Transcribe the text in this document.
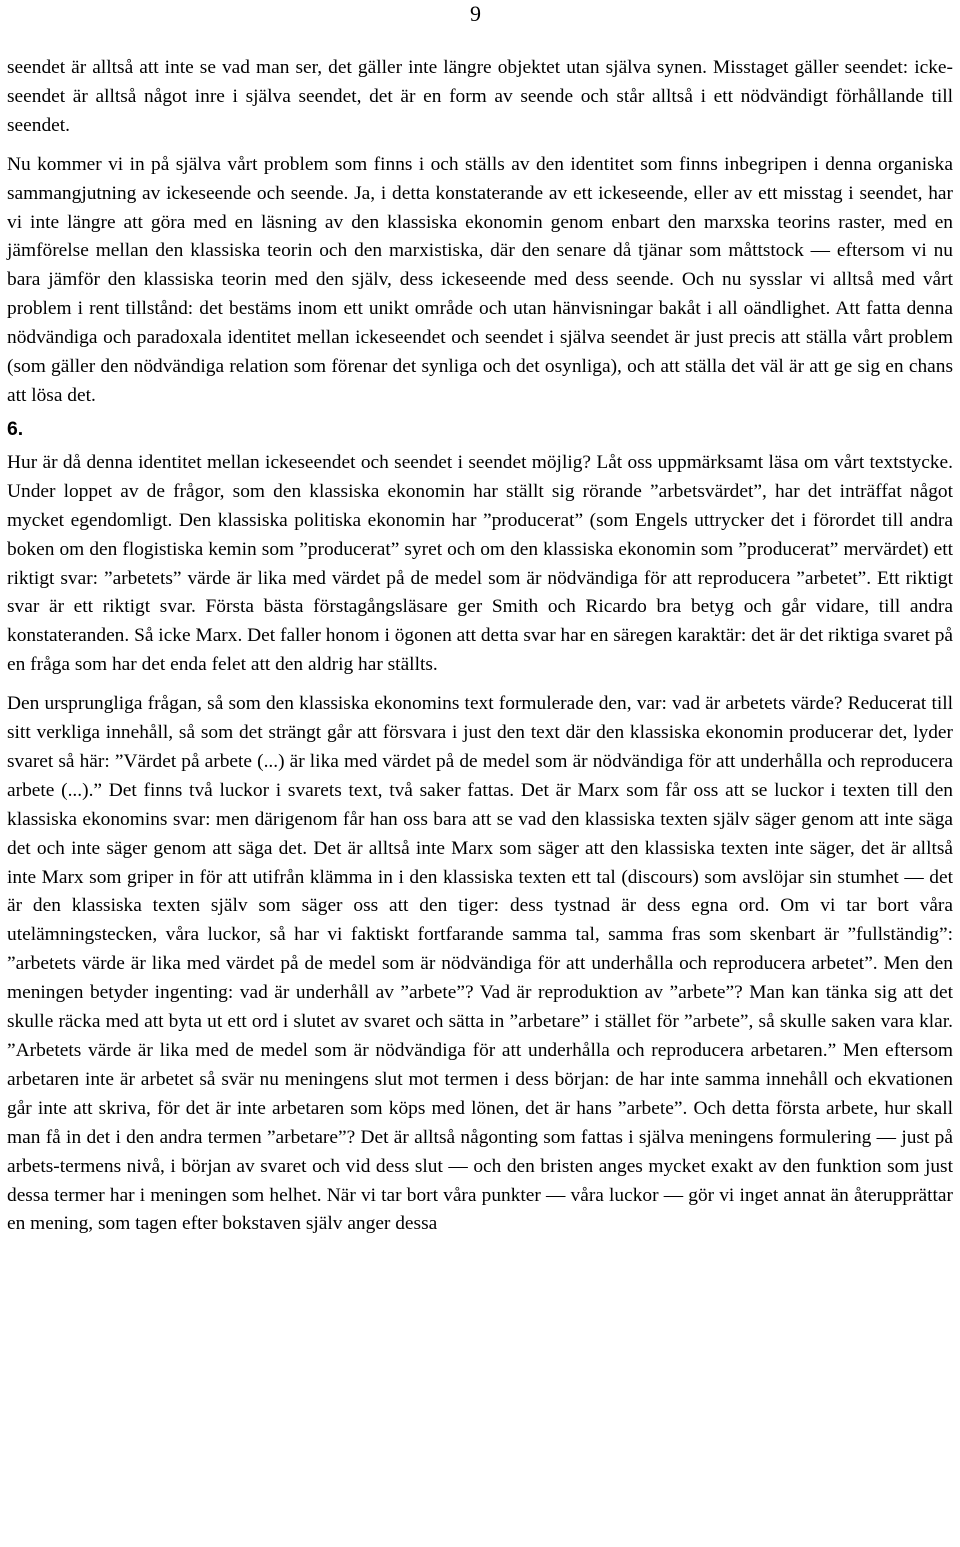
9

seendet är alltså att inte se vad man ser, det gäller inte längre objektet utan själva synen. Misstaget gäller seendet: icke-seendet är alltså något inre i själva seendet, det är en form av seende och står alltså i ett nödvändigt förhållande till seendet.

Nu kommer vi in på själva vårt problem som finns i och ställs av den identitet som finns inbegripen i denna organiska sammangjutning av ickeseende och seende. Ja, i detta konstaterande av ett ickeseende, eller av ett misstag i seendet, har vi inte längre att göra med en läsning av den klassiska ekonomin genom enbart den marxska teorins raster, med en jämförelse mellan den klassiska teorin och den marxistiska, där den senare då tjänar som måttstock — eftersom vi nu bara jämför den klassiska teorin med den själv, dess ickeseende med dess seende. Och nu sysslar vi alltså med vårt problem i rent tillstånd: det bestäms inom ett unikt område och utan hänvisningar bakåt i all oändlighet. Att fatta denna nödvändiga och paradoxala identitet mellan ickeseendet och seendet i själva seendet är just precis att ställa vårt problem (som gäller den nödvändiga relation som förenar det synliga och det osynliga), och att ställa det väl är att ge sig en chans att lösa det.

6.

Hur är då denna identitet mellan ickeseendet och seendet i seendet möjlig? Låt oss uppmärksamt läsa om vårt textstycke. Under loppet av de frågor, som den klassiska ekonomin har ställt sig rörande ”arbetsvärdet”, har det inträffat något mycket egendomligt. Den klassiska politiska ekonomin har ”producerat” (som Engels uttrycker det i förordet till andra boken om den flogistiska kemin som ”producerat” syret och om den klassiska ekonomin som ”producerat” mervärdet) ett riktigt svar: ”arbetets” värde är lika med värdet på de medel som är nödvändiga för att reproducera ”arbetet”. Ett riktigt svar är ett riktigt svar. Första bästa förstagångsläsare ger Smith och Ricardo bra betyg och går vidare, till andra konstateranden. Så icke Marx. Det faller honom i ögonen att detta svar har en säregen karaktär: det är det riktiga svaret på en fråga som har det enda felet att den aldrig har ställts.

Den ursprungliga frågan, så som den klassiska ekonomins text formulerade den, var: vad är arbetets värde? Reducerat till sitt verkliga innehåll, så som det strängt går att försvara i just den text där den klassiska ekonomin producerar det, lyder svaret så här: ”Värdet på arbete (...) är lika med värdet på de medel som är nödvändiga för att underhålla och reproducera arbete (...).” Det finns två luckor i svarets text, två saker fattas. Det är Marx som får oss att se luckor i texten till den klassiska ekonomins svar: men därigenom får han oss bara att se vad den klassiska texten själv säger genom att inte säga det och inte säger genom att säga det. Det är alltså inte Marx som säger att den klassiska texten inte säger, det är alltså inte Marx som griper in för att utifrån klämma in i den klassiska texten ett tal (discours) som avslöjar sin stumhet — det är den klassiska texten själv som säger oss att den tiger: dess tystnad är dess egna ord. Om vi tar bort våra utelämningstecken, våra luckor, så har vi faktiskt fortfarande samma tal, samma fras som skenbart är ”fullständig”: ”arbetets värde är lika med värdet på de medel som är nödvändiga för att underhålla och reproducera arbetet”. Men den meningen betyder ingenting: vad är underhåll av ”arbete”? Vad är reproduktion av ”arbete”? Man kan tänka sig att det skulle räcka med att byta ut ett ord i slutet av svaret och sätta in ”arbetare” i stället för ”arbete”, så skulle saken vara klar. ”Arbetets värde är lika med de medel som är nödvändiga för att underhålla och reproducera arbetaren.” Men eftersom arbetaren inte är arbetet så svär nu meningens slut mot termen i dess början: de har inte samma innehåll och ekvationen går inte att skriva, för det är inte arbetaren som köps med lönen, det är hans ”arbete”. Och detta första arbete, hur skall man få in det i den andra termen ”arbetare”? Det är alltså någonting som fattas i själva meningens formulering — just på arbets-termens nivå, i början av svaret och vid dess slut — och den bristen anges mycket exakt av den funktion som just dessa termer har i meningen som helhet. När vi tar bort våra punkter — våra luckor — gör vi inget annat än återupprättar en mening, som tagen efter bokstaven själv anger dessa
